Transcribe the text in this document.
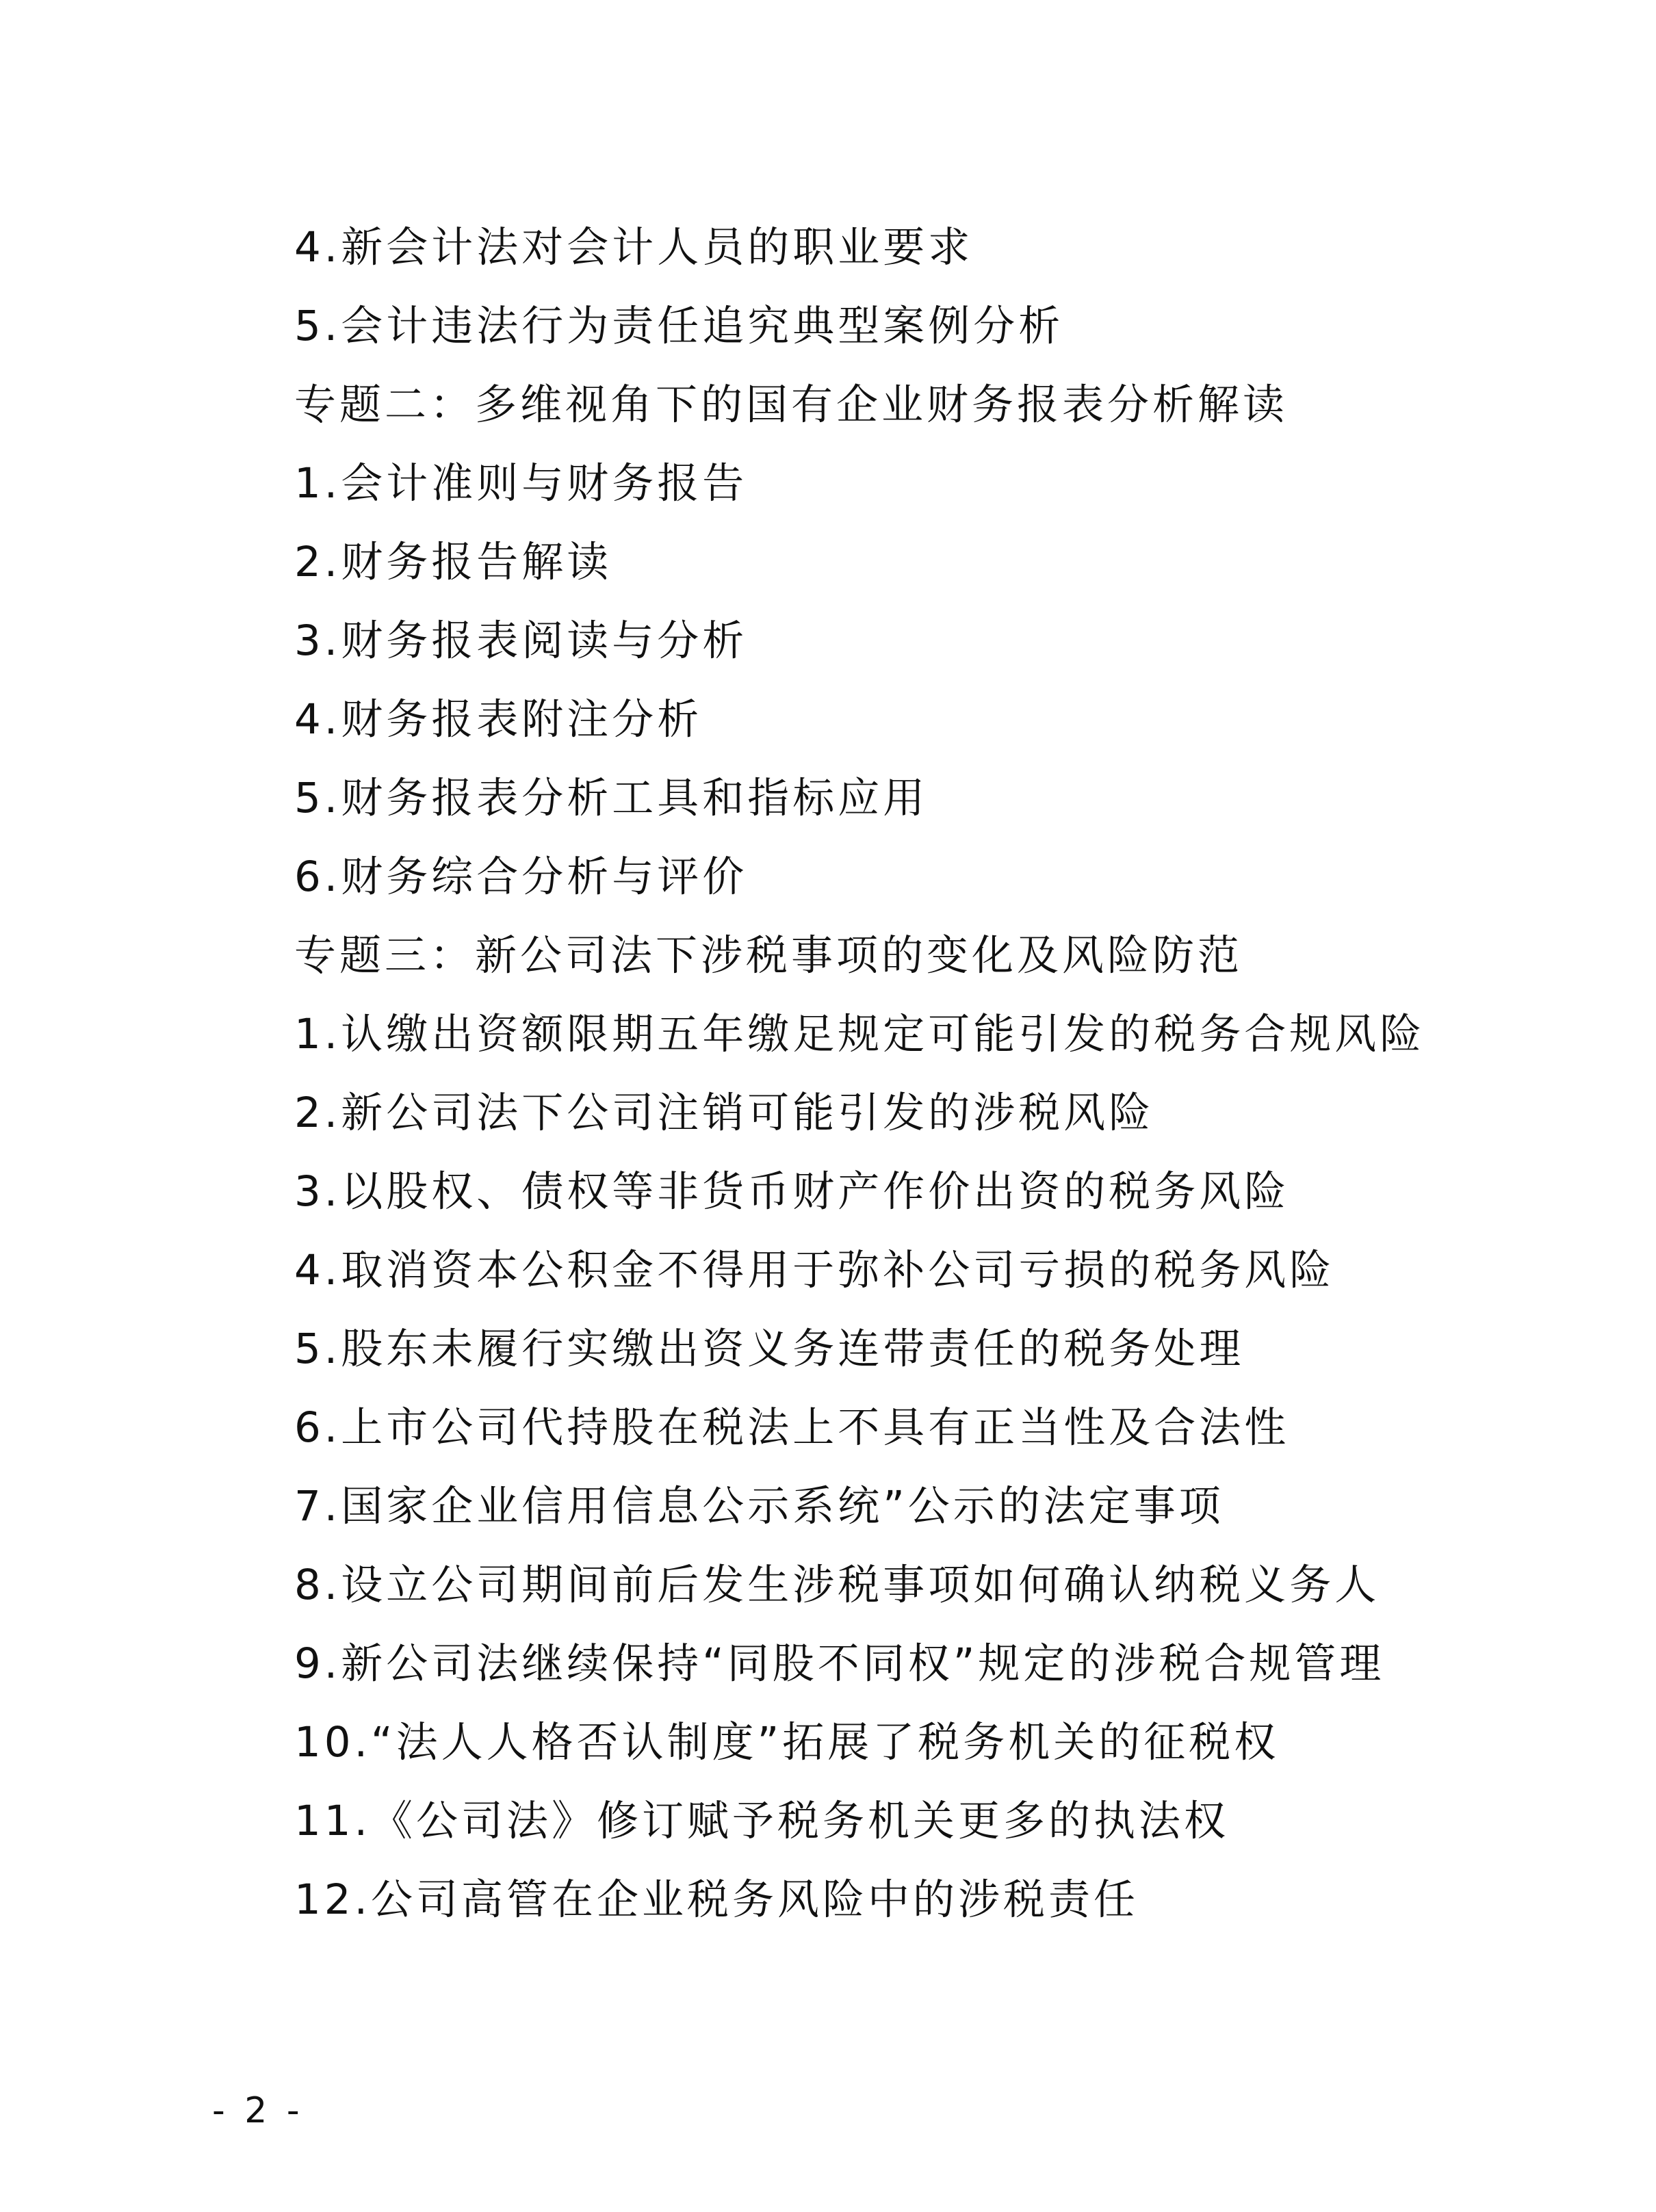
4.新会计法对会计人员的职业要求
5.会计违法行为责任追究典型案例分析
专题二：多维视角下的国有企业财务报表分析解读
1.会计准则与财务报告
2.财务报告解读
3.财务报表阅读与分析
4.财务报表附注分析
5.财务报表分析工具和指标应用
6.财务综合分析与评价
专题三：新公司法下涉税事项的变化及风险防范
1.认缴出资额限期五年缴足规定可能引发的税务合规风险
2.新公司法下公司注销可能引发的涉税风险
3.以股权、债权等非货币财产作价出资的税务风险
4.取消资本公积金不得用于弥补公司亏损的税务风险
5.股东未履行实缴出资义务连带责任的税务处理
6.上市公司代持股在税法上不具有正当性及合法性
7.国家企业信用信息公示系统”公示的法定事项
8.设立公司期间前后发生涉税事项如何确认纳税义务人
9.新公司法继续保持“同股不同权”规定的涉税合规管理
10.“法人人格否认制度”拓展了税务机关的征税权
11.《公司法》修订赋予税务机关更多的执法权
12.公司高管在企业税务风险中的涉税责任
- 2 -
